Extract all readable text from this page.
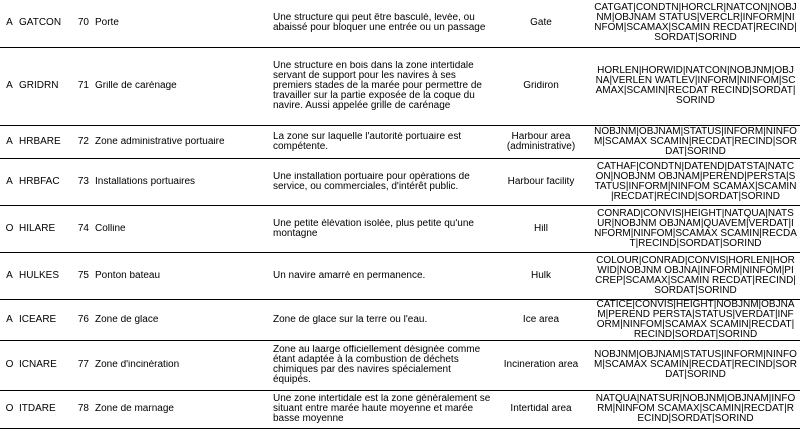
A	GATCON	70	Porte	Une structure qui peut être basculé, levée, ou abaissé pour bloquer une entrée ou un passage	Gate	CATGAT|CONDTN|HORCLR|NATCON|NOBJNM|OBJNAM STATUS|VERCLR|INFORM|NINFOM|SCAMAX|SCAMIN RECDAT|RECIND|SORDAT|SORIND

A	GRIDRN	71	Grille de carénage	Une structure en bois dans la zone intertidale servant de support pour les navires à ses premiers stades de la marée pour permettre de travailler sur la partie exposée de la coque du navire. Aussi appelée grille de carénage	Gridiron	HORLEN|HORWID|NATCON|NOBJNM|OBJNA|VERLEN WATLEV|INFORM|NINFOM|SCAMAX|SCAMIN|RECDAT RECIND|SORDAT|SORIND

A	HRBARE	72	Zone administrative portuaire	La zone sur laquelle l'autorité portuaire est compétente.	Harbour area (administrative)	NOBJNM|OBJNAM|STATUS|INFORM|NINFOM|SCAMAX SCAMIN|RECDAT|RECIND|SORDAT|SORIND

A	HRBFAC	73	Installations portuaires	Une installation portuaire pour opérations de service, ou commerciales, d'intérêt public.	Harbour facility	CATHAF|CONDTN|DATEND|DATSTA|NATCON|NOBJNM OBJNAM|PEREND|PERSTA|STATUS|INFORM|NINFOM SCAMAX|SCAMIN|RECDAT|RECIND|SORDAT|SORIND

O	HILARE	74	Colline	Une petite élévation isolée, plus petite qu'une montagne	Hill	CONRAD|CONVIS|HEIGHT|NATQUA|NATSUR|NOBJNM OBJNAM|QUAVEM|VERDAT|INFORM|NINFOM|SCAMAX SCAMIN|RECDAT|RECIND|SORDAT|SORIND

A	HULKES	75	Ponton bateau	Un navire amarré en permanence.	Hulk	COLOUR|CONRAD|CONVIS|HORLEN|HORWID|NOBJNM OBJNA|INFORM|NINFOM|PICREP|SCAMAX|SCAMIN RECDAT|RECIND|SORDAT|SORIND

A	ICEARE	76	Zone de glace	Zone de glace sur la terre ou l'eau.	Ice area	CATICE|CONVIS|HEIGHT|NOBJNM|OBJNAM|PEREND PERSTA|STATUS|VERDAT|INFORM|NINFOM|SCAMAX SCAMIN|RECDAT|RECIND|SORDAT|SORIND

O	ICNARE	77	Zone d'incinération	Zone au laarge officiellement désignée comme étant adaptée à la combustion de déchets chimiques par des navires spécialement équipés.	Incineration area	NOBJNM|OBJNAM|STATUS|INFORM|NINFOM|SCAMAX SCAMIN|RECDAT|RECIND|SORDAT|SORIND

O	ITDARE	78	Zone de marnage	Une zone intertidale est la zone généralement se situant entre marée haute moyenne et marée basse moyenne	Intertidal area	NATQUA|NATSUR|NOBJNM|OBJNAM|INFORM|NINFOM SCAMAX|SCAMIN|RECDAT|RECIND|SORDAT|SORIND
